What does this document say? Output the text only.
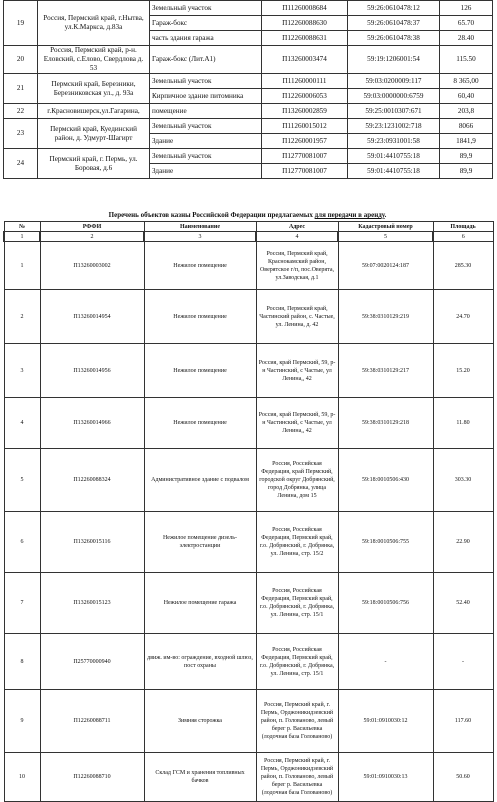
19	Россия, Пермский край, г.Нытва, ул.К.Маркса, д.83а	Земельный участок	П11260008684	59:26:0610478:12	126
		Гараж-бокс	П12260088630	59:26:0610478:37	65.70
		часть здания гаража	П12260088631	59:26:0610478:38	28.40
20	Россия, Пермский край, р-н. Еловский, с.Елово, Свердлова д. 53	Гараж-бокс (Лит.А1)	П13260003474	59:19:1206001:54	115.50
21	Пермский край, Березники, Березниковская ул., д. 93а	Земельный участок	П11260000111	59:03:0200009:117	8 365,00
		Кирпичное здание питомника	П12260006053	59:03:0000000:6759	60,40
22	г.Красновишерск,ул.Гагарина,	помещение	П13260002859	59:25:0010307:671	203,8
23	Пермский край, Куединский район, д. Удмурт-Шагирт	Земельный участок	П11260015012	59:23:1231002:718	8066
		Здание	П12260001957	59:23:0931001:58	1841,9
24	Пермский край, г. Пермь, ул. Боровая, д.6	Земельный участок	П12770081007	59:01:4410755:18	89,9
		Здание	П12770081007	59:01:4410755:18	89,9
Перечень объектов казны Российской Федерации предлагаемых для передачи в аренду.
№	РФФИ	Наименование	Адрес	Кадастровый номер	Площадь
1	2	3	4	5	6
1	П13260003002	Нежилое помещение	Россия, Пермский край, Краснокамский район, Оверятское г/п, пос.Оверята, ул.Заводская, д.1	59:07:0020124:187	285.30
2	П13260014954	Нежилое помещение	Россия, Пермский край, Частинский район, с. Частые, ул. Ленина, д. 42	59:38:0310129:219	24.70
3	П13260014956	Нежилое помещение	Россия, край Пермский, 59, р-н Частинский, с Частые, ул Ленина,, 42	59:38:0310129:217	15.20
4	П13260014966	Нежилое помещение	Россия, край Пермский, 59, р-н Частинский, с Частые, ул Ленина,, 42	59:38:0310129:218	11.80
5	П12260088324	Административное здание с подвалом	Россия, Российская Федерация, край Пермский, городской округ Добрянский, город Добрянка, улица Ленина, дом 15	59:18:0010506:430	303.30
6	П13260015116	Нежилое помещение дизель-электростанции	Россия, Российская Федерация, Пермский край, г.о. Добрянский, г. Добрянка, ул. Ленина, стр. 15/2	59:18:0010506:755	22.90
7	П13260015123	Нежилое помещение гаража	Россия, Российская Федерация, Пермский край, г.о. Добрянский, г. Добрянка, ул. Ленина, стр. 15/1	59:18:0010506:756	52.40
8	П25770000940	движ. им-во: ограждение, входной шлюз, пост охраны	Россия, Российская Федерация, Пермский край, г.о. Добрянский, г. Добрянка, ул. Ленина, стр. 15/1	-	-
9	П12260088711	Зимняя сторожка	Россия, Пермский край, г. Пермь, Орджоникидзевский район, п. Голованово, левый берег р. Васильевка (лодочная база Голованово)	59:01:0910030:12	117.60
10	П12260088710	Склад ГСМ и хранения топливных бачков	Россия, Пермский край, г. Пермь, Орджоникидзевский район, п. Голованово, левый берег р. Васильевка (лодочная база Голованово)	59:01:0910030:13	50.60
